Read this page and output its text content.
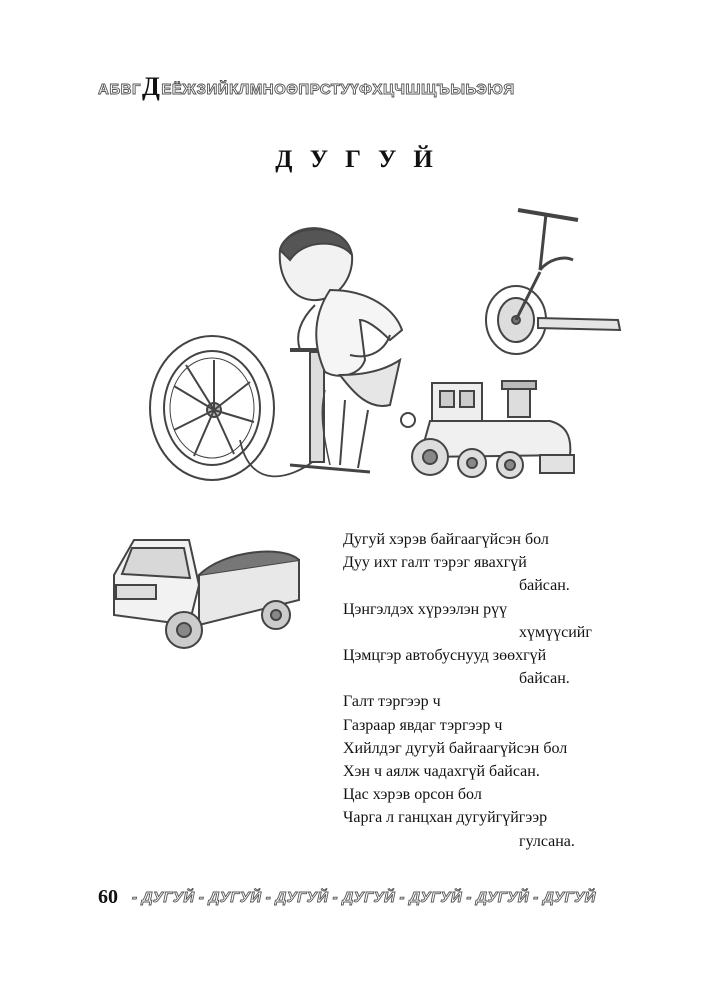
АБВГ Д ЕЁЖЗИЙКЛМНОӨПРСТУҮФХЦЧШЩЪЫЬЭЮЯ
ДУГУЙ
Дугуй хэрэв байгаагүйсэн бол
Дуу ихт галт тэрэг явахгүй
байсан.
Цэнгэлдэх хүрээлэн рүү
хүмүүсийг
Цэмцгэр автобуснууд зөөхгүй
байсан.
Галт тэргээр ч
Газраар явдаг тэргээр ч
Хийлдэг дугуй байгаагүйсэн бол
Хэн ч аялж чадахгүй байсан.
Цас хэрэв орсон бол
Чарга л ганцхан дугуйгүйгээр
гулсана.
60 - ДУГУЙ - ДУГУЙ - ДУГУЙ - ДУГУЙ - ДУГУЙ - ДУГУЙ - ДУГУЙ
